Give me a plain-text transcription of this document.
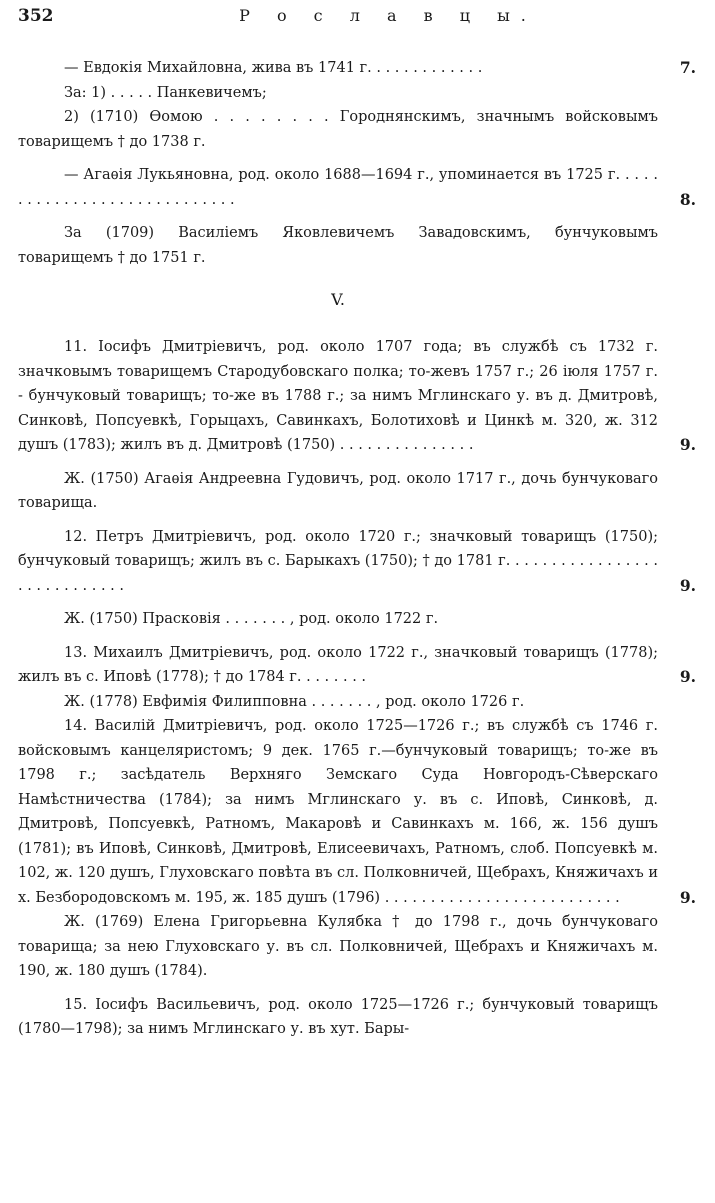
352	Р о с л а в ц ы.

— Евдокія Михайловна, жива въ 1741 г. . . . . . . . . . . . .	7.

За: 1) . . . . . Панкевичемъ;

2) (1710) Ѳомою . . . . . . . . Городнянскимъ, значнымъ войсковымъ товарищемъ † до 1738 г.

— Агаѳія Лукьяновна, род. около 1688—1694 г., упоминается въ 1725 г. . . . . . . . . . . . . . . . . . . . . . . . . . . . .	8.

За (1709) Василіемъ Яковлевичемъ Завадовскимъ, бунчуковымъ товарищемъ † до 1751 г.

V.

11. Іосифъ Дмитріевичъ, род. около 1707 года; въ службѣ съ 1732 г. значковымъ товарищемъ Стародубовскаго полка; то-жевъ 1757 г.; 26 іюля 1757 г. - бунчуковый товарищъ; то-же въ 1788 г.; за нимъ Мглинскаго у. въ д. Дмитровѣ, Синковѣ, Попсуевкѣ, Горыцахъ, Савинкахъ, Болотиховѣ и Цинкѣ м. 320, ж. 312 душъ (1783); жилъ въ д. Дмитровѣ (1750) . . . . . . . . . . . . . . .	9.

Ж. (1750) Агаѳія Андреевна Гудовичъ, род. около 1717 г., дочь бунчуковаго товарища.

12. Петръ Дмитріевичъ, род. около 1720 г.; значковый товарищъ (1750); бунчуковый товарищъ; жилъ въ с. Барыкахъ (1750); † до 1781 г. . . . . . . . . . . . . . . . . . . . . . . . . . . . .	9.

Ж. (1750) Прасковія . . . . . . . , род. около 1722 г.

13. Михаилъ Дмитріевичъ, род. около 1722 г., значковый товарищъ (1778); жилъ въ с. Иповѣ (1778); † до 1784 г. . . . . . . .	9.

Ж. (1778) Евфимія Филипповна . . . . . . . , род. около 1726 г.

14. Василій Дмитріевичъ, род. около 1725—1726 г.; въ службѣ съ 1746 г. войсковымъ канцеляристомъ; 9 дек. 1765 г.—бунчуковый товарищъ; то-же въ 1798 г.; засѣдатель Верхняго Земскаго Суда Новгородъ-Сѣверскаго Намѣстничества (1784); за нимъ Мглинскаго у. въ с. Иповѣ, Синковѣ, д. Дмитровѣ, Попсуевкѣ, Ратномъ, Макаровѣ и Савинкахъ м. 166, ж. 156 душъ (1781); въ Иповѣ, Синковѣ, Дмитровѣ, Елисеевичахъ, Ратномъ, слоб. Попсуевкѣ м. 102, ж. 120 душъ, Глуховскаго повѣта въ сл. Полковничей, Щебрахъ, Княжичахъ и х. Безбородовскомъ м. 195, ж. 185 душъ (1796) . . . . . . . . . . . . . . . . . . . . . . . . . .	9.

Ж. (1769) Елена Григорьевна Кулябка † до 1798 г., дочь бунчуковаго товарища; за нею Глуховскаго у. въ сл. Полковничей, Щебрахъ и Княжичахъ м. 190, ж. 180 душъ (1784).

15. Іосифъ Васильевичъ, род. около 1725—1726 г.; бунчуковый товарищъ (1780—1798); за нимъ Мглинскаго у. въ хут. Бары-
